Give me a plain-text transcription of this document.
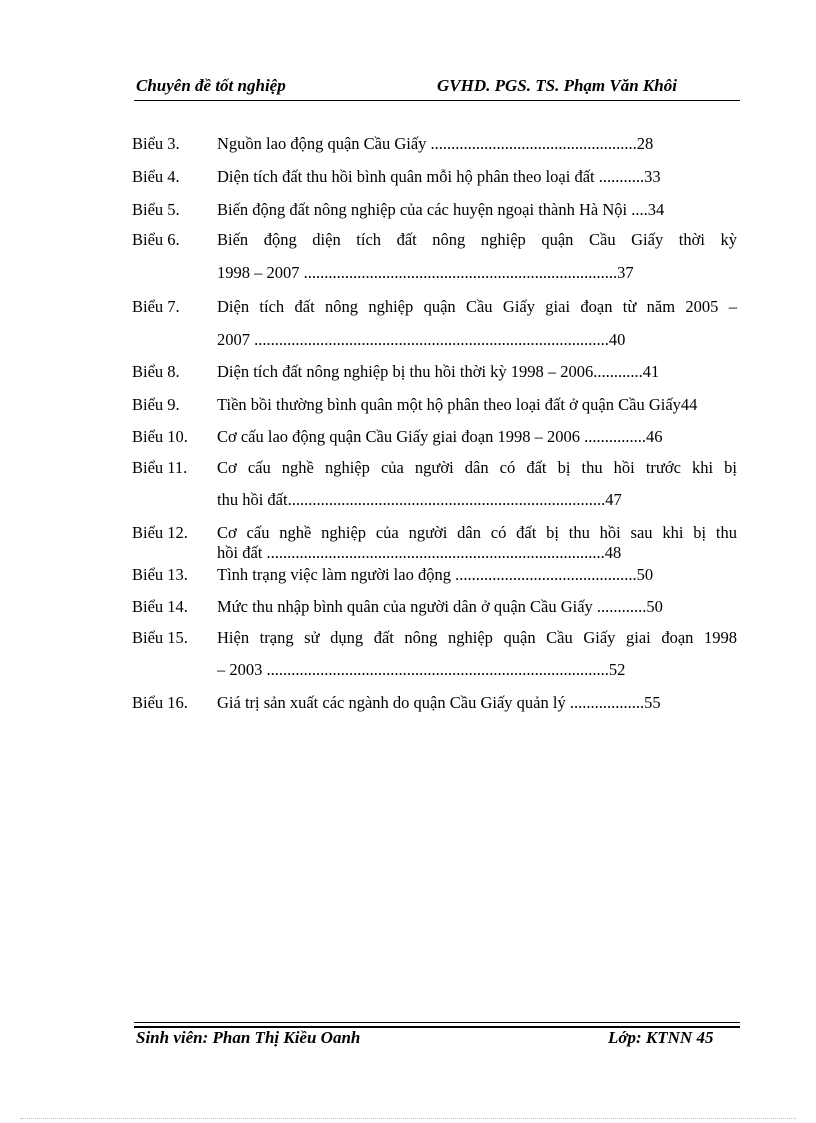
Chuyên đề tốt nghiệp	GVHD. PGS. TS. Phạm Văn Khôi
Biểu 3. Nguồn lao động quận Cầu Giấy ..................................................28
Biểu 4. Diện tích đất thu hồi bình quân mỗi hộ phân theo loại đất ...........33
Biểu 5. Biến động đất nông nghiệp của các huyện ngoại thành Hà Nội ....34
Biểu 6. Biến động diện tích đất nông nghiệp quận Cầu Giấy thời kỳ
1998 – 2007 ............................................................................37
Biểu 7. Diện tích đất nông nghiệp quận Cầu Giấy giai đoạn từ năm 2005 –
2007 ......................................................................................40
Biểu 8. Diện tích đất nông nghiệp bị thu hồi thời kỳ 1998 – 2006............41
Biểu 9. Tiền bồi thường bình quân một hộ phân theo loại đất ở quận Cầu Giấy44
Biểu 10. Cơ cấu lao động quận Cầu Giấy giai đoạn 1998 – 2006 ...............46
Biểu 11. Cơ cấu nghề nghiệp của người dân có đất bị thu hồi trước khi bị
thu hồi đất.............................................................................47
Biểu 12. Cơ cấu nghề nghiệp của người dân có đất bị thu hồi sau khi bị thu
hồi đất ..................................................................................48
Biểu 13. Tình trạng việc làm người lao động ............................................50
Biểu 14. Mức thu nhập bình quân của người dân ở quận Cầu Giấy ............50
Biểu 15. Hiện trạng sử dụng đất nông nghiệp quận Cầu Giấy giai đoạn 1998
– 2003 ...................................................................................52
Biểu 16. Giá trị sản xuất các ngành do quận Cầu Giấy quản lý ..................55
Sinh viên: Phan Thị Kiều Oanh	Lớp: KTNN 45
